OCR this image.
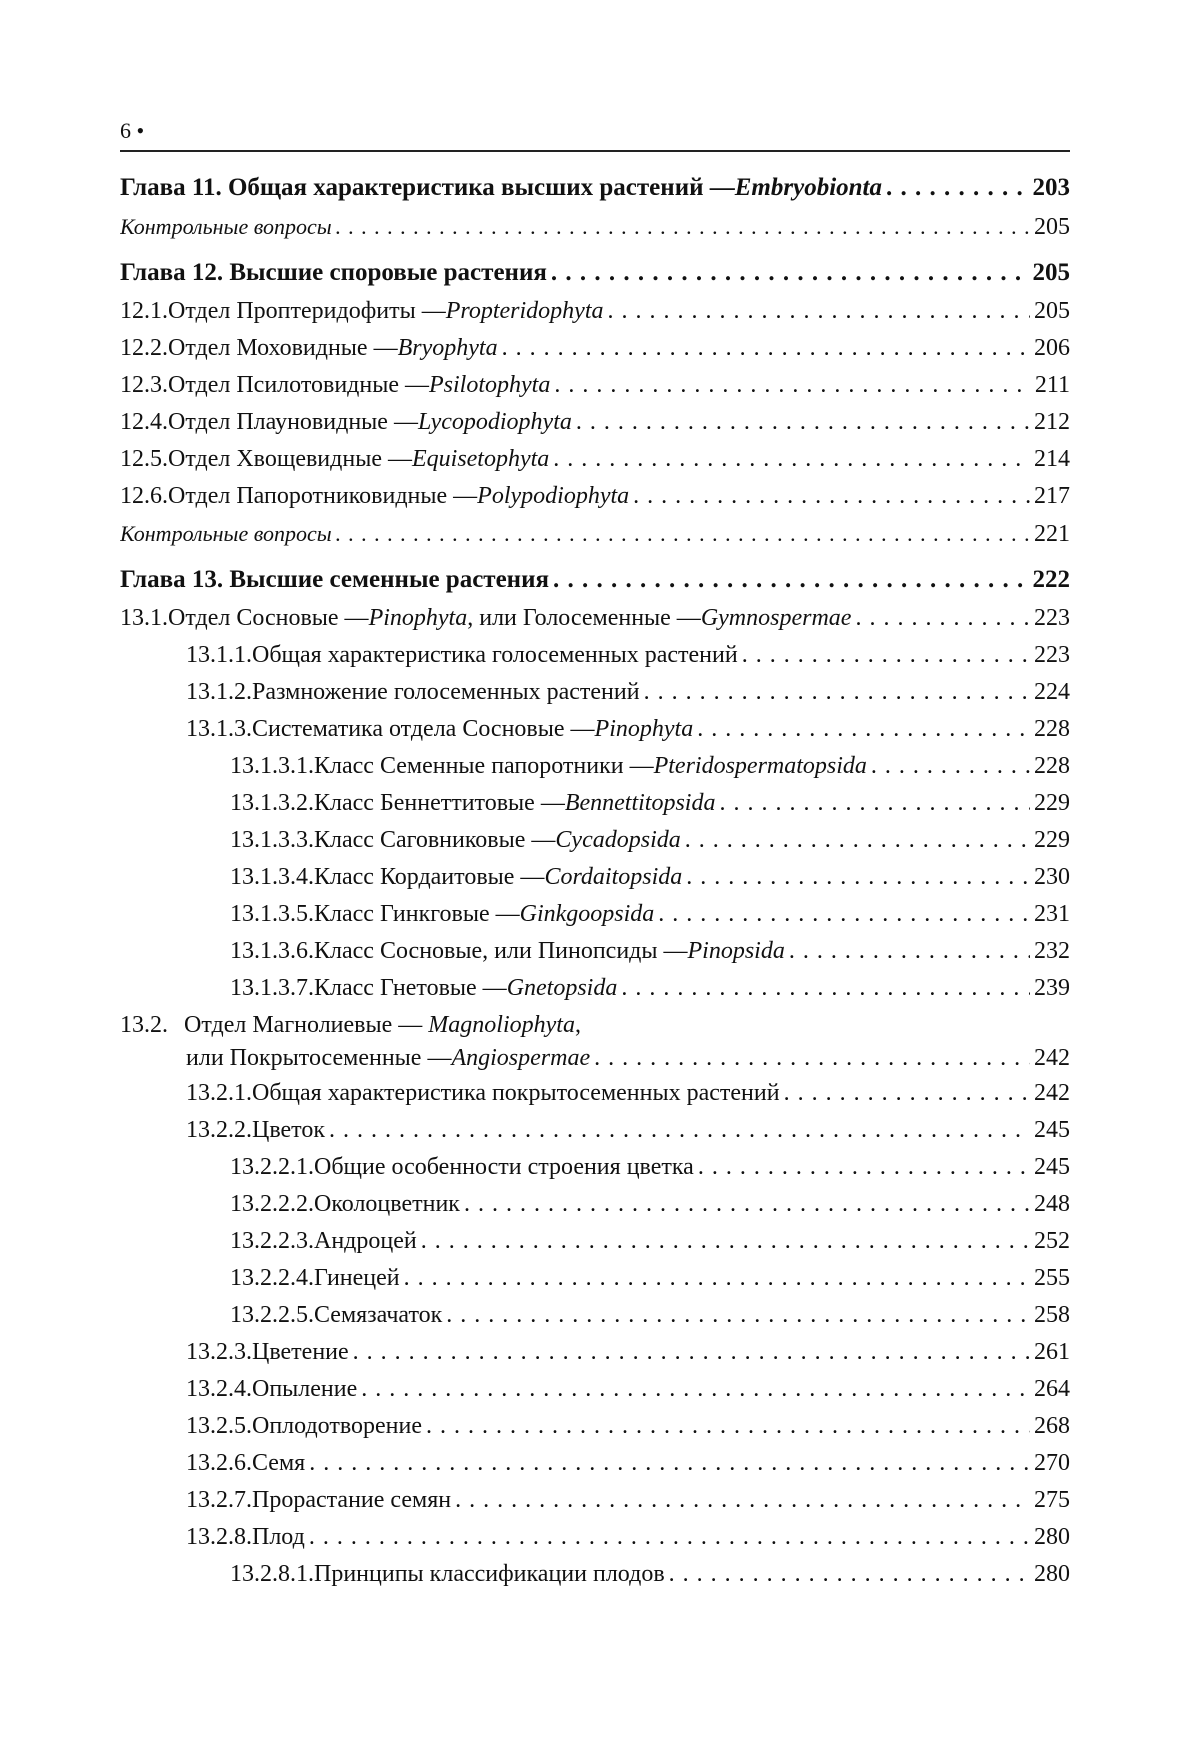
6 •
Глава 11. Общая характеристика высших растений — Embryobionta . . .	203
Контрольные вопросы . . .	205
Глава 12. Высшие споровые растения . . .	205
12.1. Отдел Проптеридофиты — Propteridophyta . . .	205
12.2. Отдел Моховидные — Bryophyta . . .	206
12.3. Отдел Псилотовидные — Psilotophyta . . .	211
12.4. Отдел Плауновидные — Lycopodiophyta . . .	212
12.5. Отдел Хвощевидные — Equisetophyta . . .	214
12.6. Отдел Папоротниковидные — Polypodiophyta . . .	217
Контрольные вопросы . . .	221
Глава 13. Высшие семенные растения . . .	222
13.1. Отдел Сосновые — Pinophyta , или Голосеменные — Gymnospermae . . .	223
13.1.1. Общая характеристика голосеменных растений . . .	223
13.1.2. Размножение голосеменных растений . . .	224
13.1.3. Систематика отдела Сосновые — Pinophyta . . .	228
13.1.3.1. Класс Семенные папоротники — Pteridospermatopsida . . .	228
13.1.3.2. Класс Беннеттитовые — Bennettitopsida . . .	229
13.1.3.3. Класс Саговниковые — Cycadopsida . . .	229
13.1.3.4. Класс Кордаитовые — Cordaitopsida . . .	230
13.1.3.5. Класс Гинкговые — Ginkgoopsida . . .	231
13.1.3.6. Класс Сосновые, или Пинопсиды — Pinopsida . . .	232
13.1.3.7. Класс Гнетовые — Gnetopsida . . .	239
13.2. Отдел Магнолиевые — Magnoliophyta,
или Покрытосеменные — Angiospermae . . .	242
13.2.1. Общая характеристика покрытосеменных растений . . .	242
13.2.2. Цветок . . .	245
13.2.2.1. Общие особенности строения цветка . . .	245
13.2.2.2. Околоцветник . . .	248
13.2.2.3. Андроцей . . .	252
13.2.2.4. Гинецей . . .	255
13.2.2.5. Семязачаток . . .	258
13.2.3. Цветение . . .	261
13.2.4. Опыление . . .	264
13.2.5. Оплодотворение . . .	268
13.2.6. Семя . . .	270
13.2.7. Прорастание семян . . .	275
13.2.8. Плод . . .	280
13.2.8.1. Принципы классификации плодов . . .	280
